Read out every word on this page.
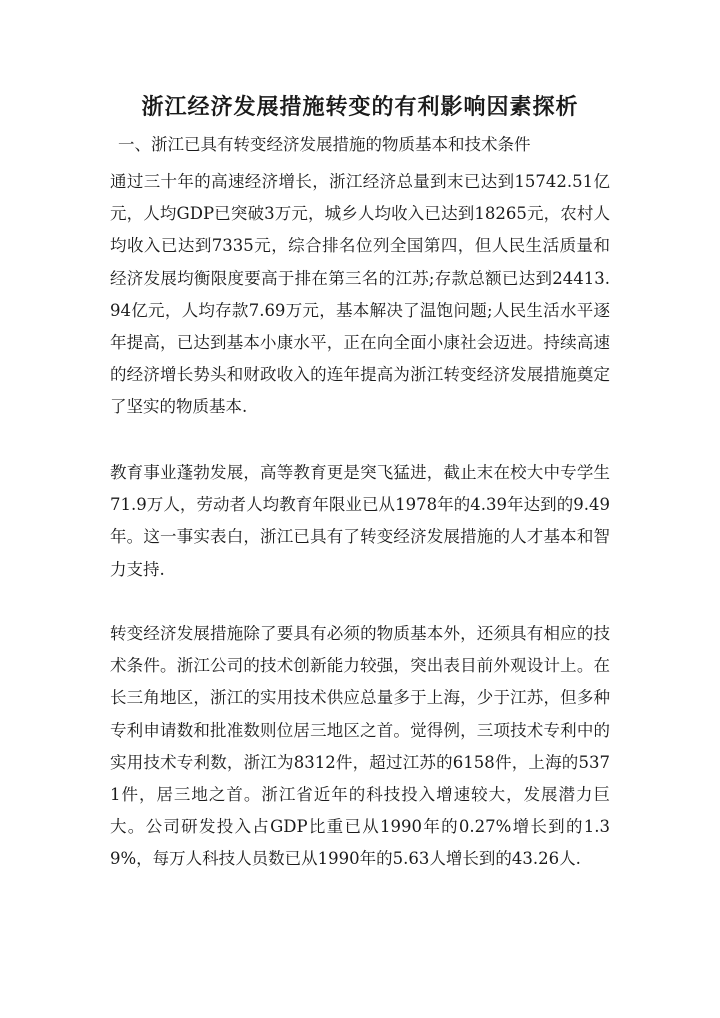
浙江经济发展措施转变的有利影响因素探析
一、浙江已具有转变经济发展措施的物质基本和技术条件

通过三十年的高速经济增长，浙江经济总量到末已达到15742.51亿元，人均GDP已突破3万元，城乡人均收入已达到18265元，农村人均收入已达到7335元，综合排名位列全国第四，但人民生活质量和经济发展均衡限度要高于排在第三名的江苏;存款总额已达到24413.94亿元，人均存款7.69万元，基本解决了温饱问题;人民生活水平逐年提高，已达到基本小康水平，正在向全面小康社会迈进。持续高速的经济增长势头和财政收入的连年提高为浙江转变经济发展措施奠定了坚实的物质基本.

教育事业蓬勃发展，高等教育更是突飞猛进，截止末在校大中专学生71.9万人，劳动者人均教育年限业已从1978年的4.39年达到的9.49年。这一事实表白，浙江已具有了转变经济发展措施的人才基本和智力支持.

转变经济发展措施除了要具有必须的物质基本外，还须具有相应的技术条件。浙江公司的技术创新能力较强，突出表目前外观设计上。在长三角地区，浙江的实用技术供应总量多于上海，少于江苏，但多种专利申请数和批准数则位居三地区之首。觉得例，三项技术专利中的实用技术专利数，浙江为8312件，超过江苏的6158件，上海的5371件，居三地之首。浙江省近年的科技投入增速较大，发展潜力巨大。公司研发投入占GDP比重已从1990年的0.27%增长到的1.39%，每万人科技人员数已从1990年的5.63人增长到的43.26人.
